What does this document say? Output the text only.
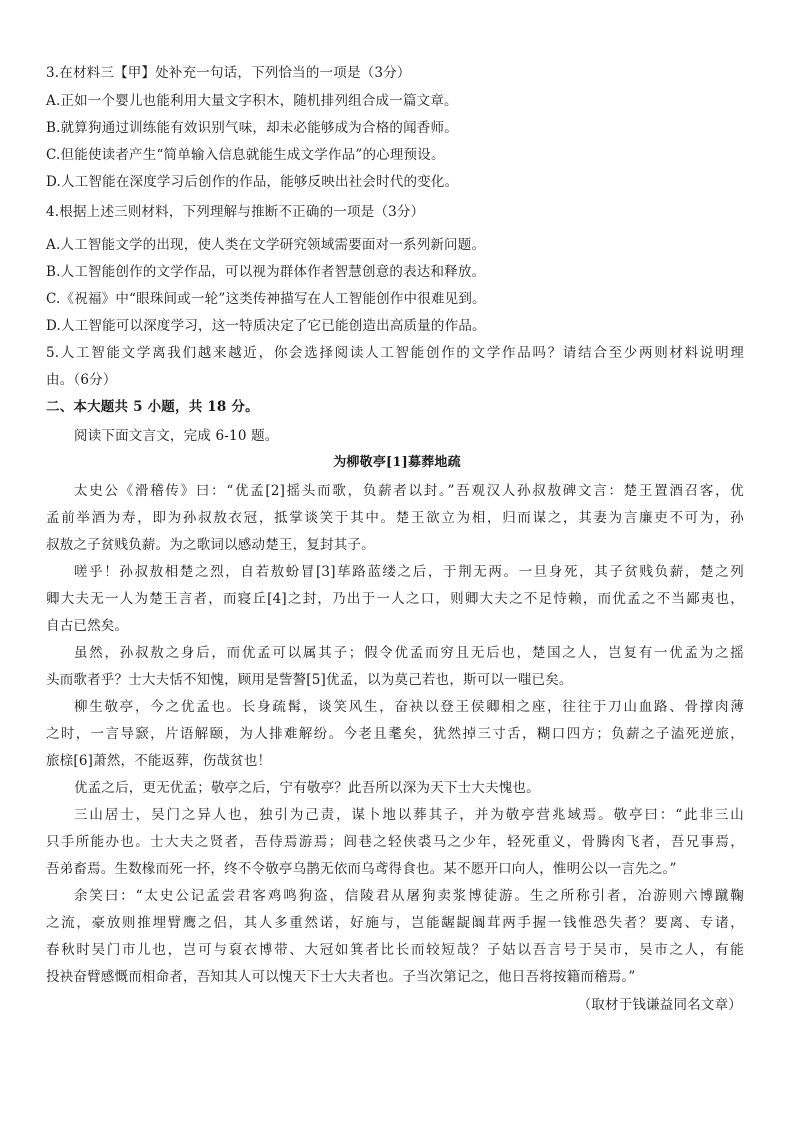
3.在材料三【甲】处补充一句话，下列恰当的一项是（3分）
A.正如一个婴儿也能利用大量文字积木，随机排列组合成一篇文章。
B.就算狗通过训练能有效识别气味，却未必能够成为合格的闻香师。
C.但能使读者产生“简单输入信息就能生成文学作品”的心理预设。
D.人工智能在深度学习后创作的作品，能够反映出社会时代的变化。
4.根据上述三则材料，下列理解与推断不正确的一项是（3分）
A.人工智能文学的出现，使人类在文学研究领域需要面对一系列新问题。
B.人工智能创作的文学作品，可以视为群体作者智慧创意的表达和释放。
C.《祝福》中“眼珠间或一轮”这类传神描写在人工智能创作中很难见到。
D.人工智能可以深度学习，这一特质决定了它已能创造出高质量的作品。
5.人工智能文学离我们越来越近，你会选择阅读人工智能创作的文学作品吗？请结合至少两则材料说明理
由。（6分）
二、本大题共 5 小题，共 18 分。
阅读下面文言文，完成 6-10 题。
为柳敬亭[1]募葬地疏
太史公《滑稽传》曰：“优孟[2]摇头而歌，负薪者以封。”吾观汉人孙叔敖碑文言：楚王置酒召客，优
孟前举酒为寿，即为孙叔敖衣冠，抵掌谈笑于其中。楚王欲立为相，归而谋之，其妻为言廉吏不可为，孙
叔敖之子贫贱负薪。为之歌词以感动楚王，复封其子。
嗟乎！孙叔敖相楚之烈，自若敖蚡冒[3]荜路蓝缕之后，于荆无两。一旦身死，其子贫贱负薪，楚之列
卿大夫无一人为楚王言者，而寝丘[4]之封，乃出于一人之口，则卿大夫之不足恃赖，而优孟之不当鄙夷也，
自古已然矣。
虽然，孙叔敖之身后，而优孟可以属其子；假令优孟而穷且无后也，楚国之人，岂复有一优孟为之摇
头而歌者乎？士大夫恬不知愧，顾用是訾謷[5]优孟，以为莫己若也，斯可以一嗤已矣。
柳生敬亭，今之优孟也。长身疏髯，谈笑风生，奋袂以登王侯卿相之座，往往于刀山血路、骨撑肉薄
之时，一言导窾，片语解颐，为人排难解纷。今老且耄矣，犹然掉三寸舌，糊口四方；负薪之子溘死逆旅，
旅榇[6]萧然，不能返葬，伤哉贫也！
优孟之后，更无优孟；敬亭之后，宁有敬亭？此吾所以深为天下士大夫愧也。
三山居士，吴门之异人也，独引为己责，谋卜地以葬其子，并为敬亭营兆域焉。敬亭曰：“此非三山
只手所能办也。士大夫之贤者，吾侍焉游焉；闾巷之轻侠裘马之少年，轻死重义，骨腾肉飞者，吾兄事焉，
吾弟畜焉。生数椽而死一抔，终不令敬亭乌鹊无依而乌鸢得食也。某不愿开口向人，惟明公以一言先之。”
余笑曰：“太史公记孟尝君客鸡鸣狗盗，信陵君从屠狗卖浆博徒游。生之所称引者，冶游则六博蹴鞠
之流，豪放则推埋臂鹰之侣，其人多重然诺，好施与，岂能龌龊阘茸两手握一钱惟恐失者？要离、专诸，
春秋时吴门市儿也，岂可与裒衣博带、大冠如箕者比长而较短哉？子姑以吾言号于吴市，吴市之人，有能
投袂奋臂感慨而相命者，吾知其人可以愧天下士大夫者也。子当次第记之，他日吾将按籍而稽焉。”
（取材于钱谦益同名文章）
